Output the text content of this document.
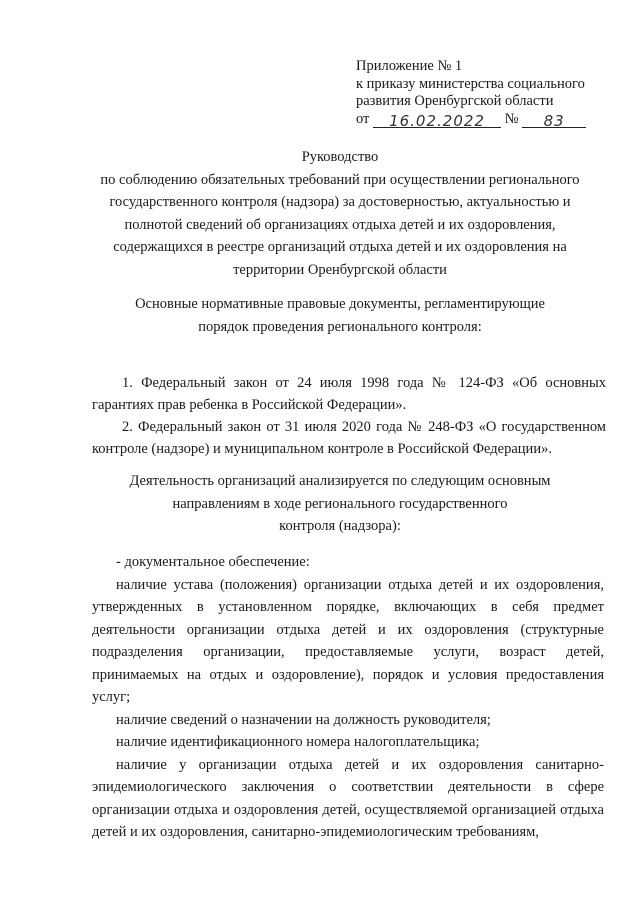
Приложение № 1
к приказу министерства социального
развития Оренбургской области
от 16.02.2022 № 83
Руководство
по соблюдению обязательных требований при осуществлении регионального
государственного контроля (надзора) за достоверностью, актуальностью и
полнотой сведений об организациях отдыха детей и их оздоровления,
содержащихся в реестре организаций отдыха детей и их оздоровления на
территории Оренбургской области
Основные нормативные правовые документы, регламентирующие
порядок проведения регионального контроля:
1. Федеральный закон от 24 июля 1998 года № 124-ФЗ «Об основных гарантиях прав ребенка в Российской Федерации».
2. Федеральный закон от 31 июля 2020 года № 248-ФЗ «О государственном контроле (надзоре) и муниципальном контроле в Российской Федерации».
Деятельность организаций анализируется по следующим основным
направлениям в ходе регионального государственного
контроля (надзора):

- документальное обеспечение:

наличие устава (положения) организации отдыха детей и их оздоровления, утвержденных в установленном порядке, включающих в себя предмет деятельности организации отдыха детей и их оздоровления (структурные подразделения организации, предоставляемые услуги, возраст детей, принимаемых на отдых и оздоровление), порядок и условия предоставления услуг;

наличие сведений о назначении на должность руководителя;

наличие идентификационного номера налогоплательщика;

наличие у организации отдыха детей и их оздоровления санитарно-эпидемиологического заключения о соответствии деятельности в сфере организации отдыха и оздоровления детей, осуществляемой организацией отдыха детей и их оздоровления, санитарно-эпидемиологическим требованиям,
